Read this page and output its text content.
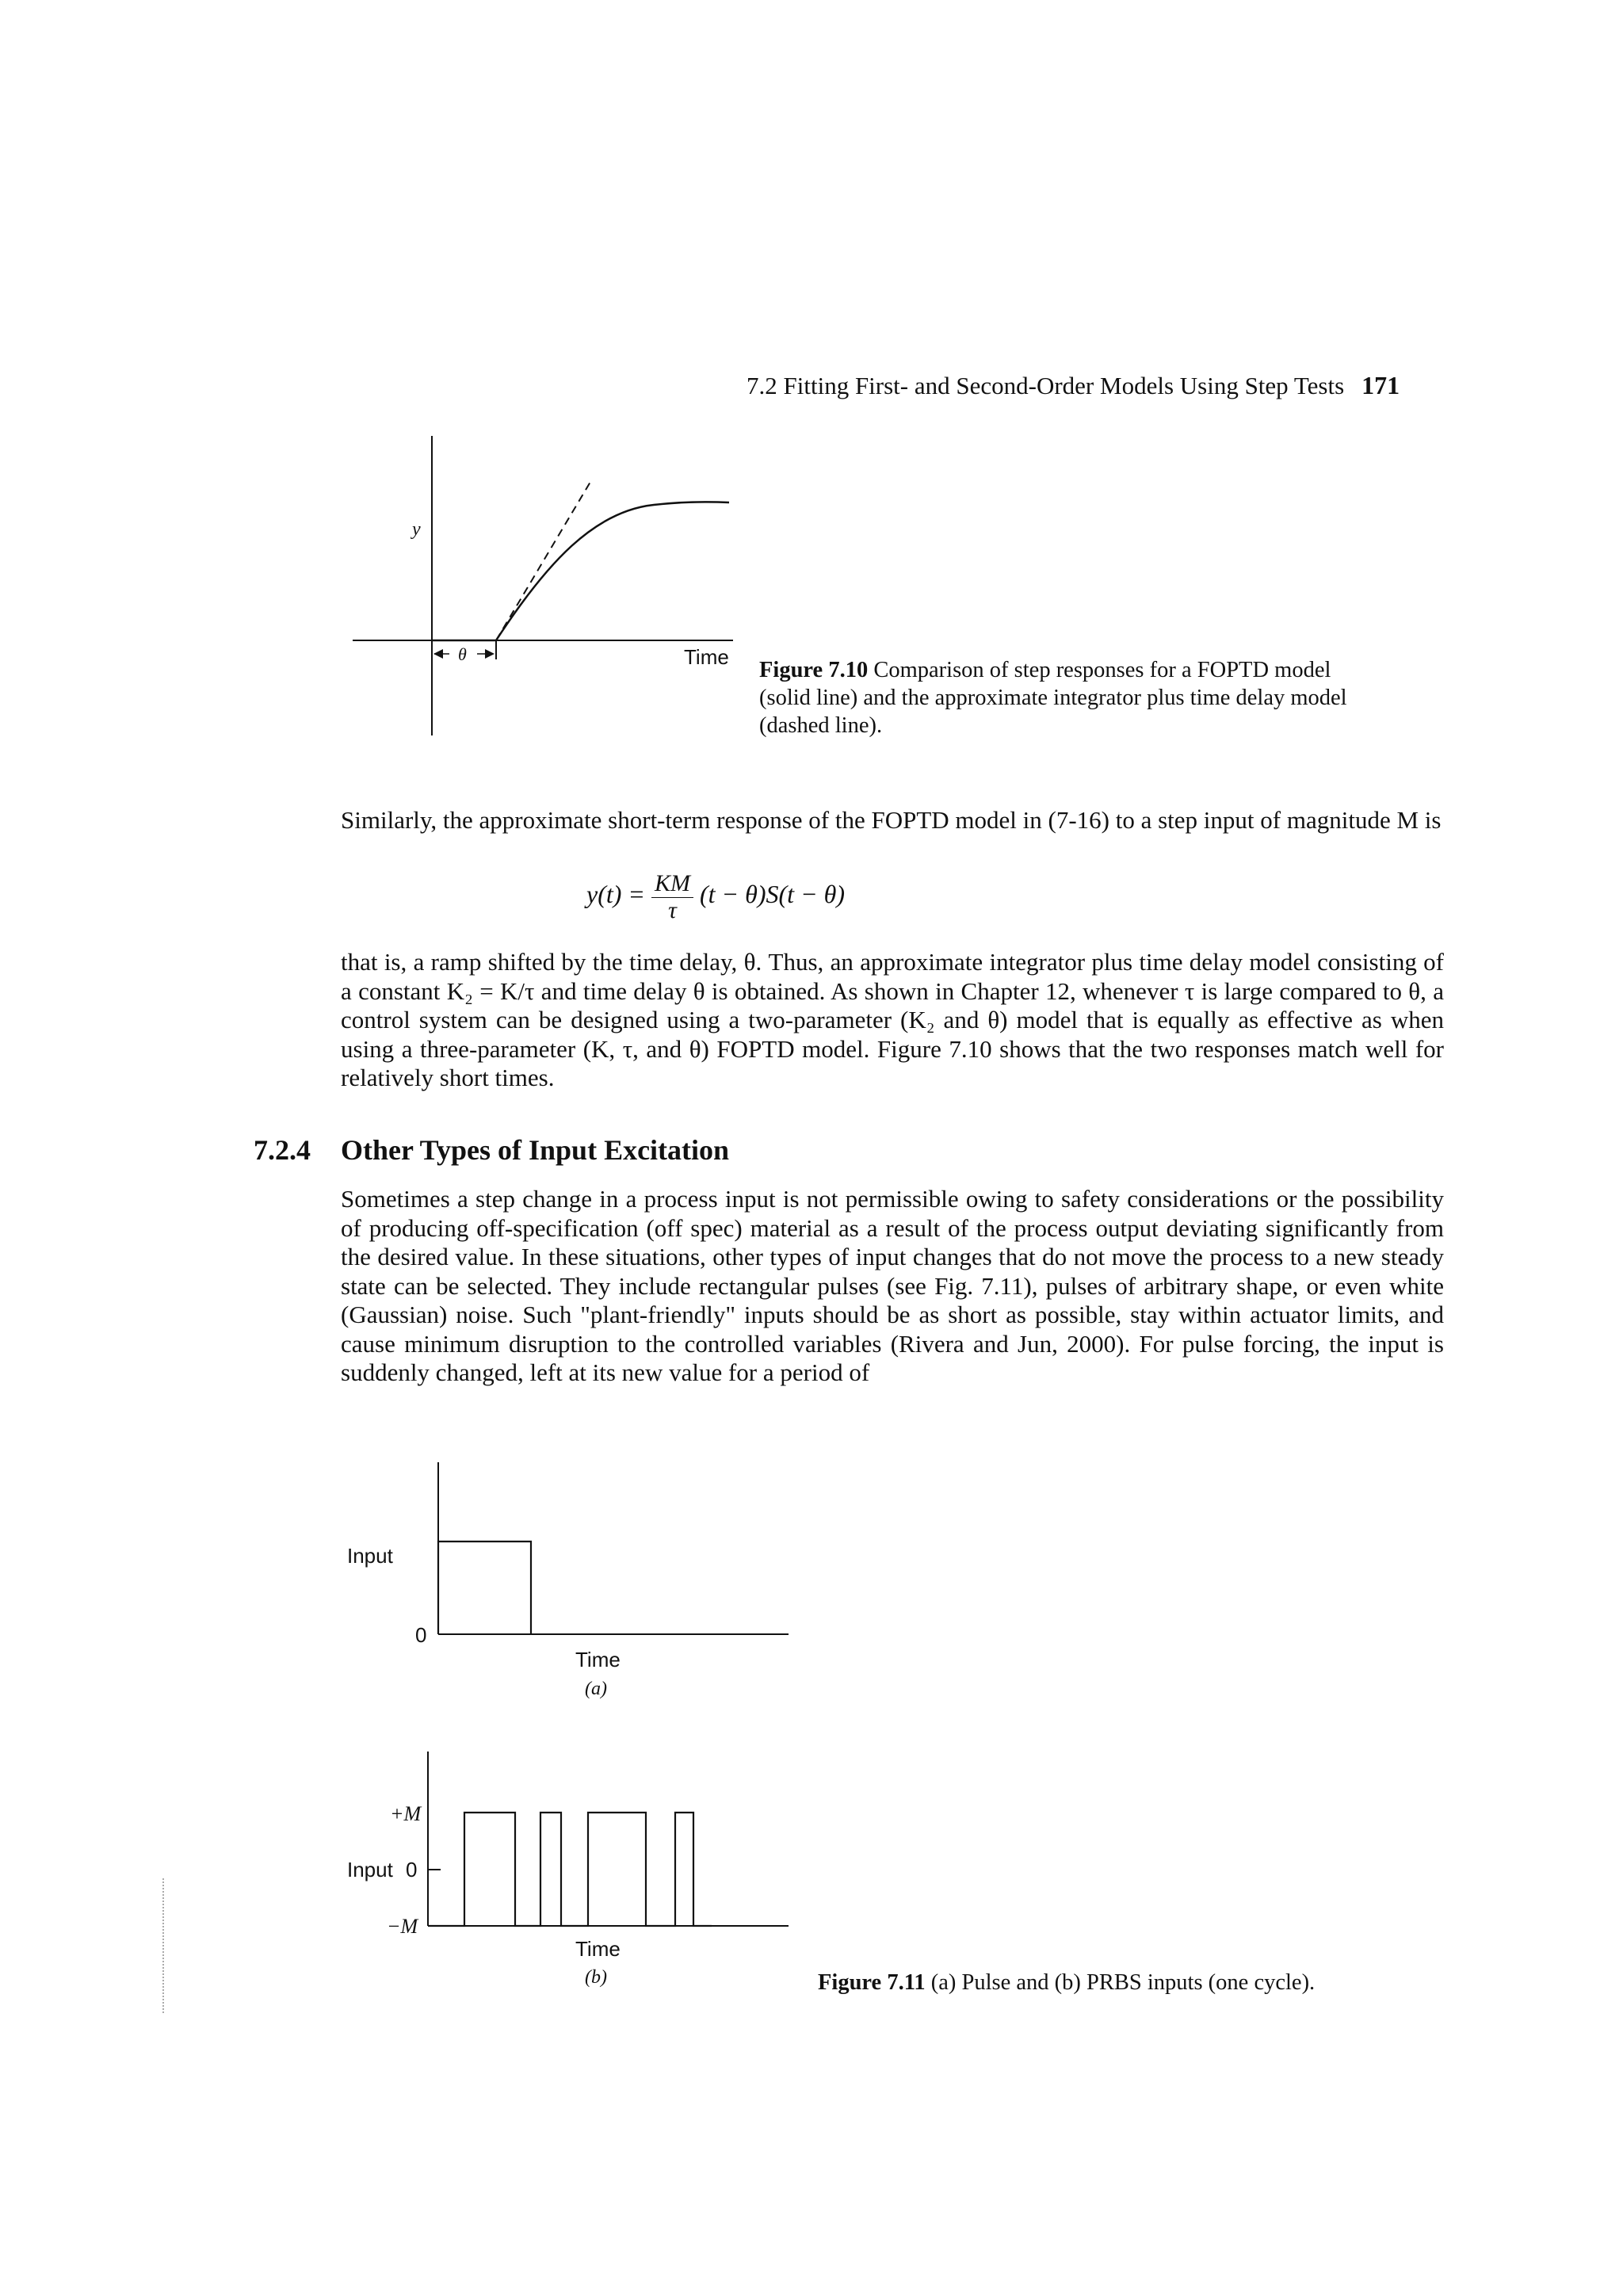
7.2 Fitting First- and Second-Order Models Using Step Tests 171
θ
y
Time
Figure 7.10 Comparison of step responses for a FOPTD model (solid line) and the approximate integrator plus time delay model (dashed line).

Similarly, the approximate short-term response of the FOPTD model in (7-16) to a step input of magnitude M is

$y(t) = \frac{KM}{\tau} (t - \theta)S(t - \theta)$

that is, a ramp shifted by the time delay, θ. Thus, an approximate integrator plus time delay model consisting of a constant K₂ = K/τ and time delay θ is obtained. As shown in Chapter 12, whenever τ is large compared to θ, a control system can be designed using a two-parameter (K₂ and θ) model that is equally as effective as when using a three-parameter (K, τ, and θ) FOPTD model. Figure 7.10 shows that the two responses match well for relatively short times.

7.2.4 Other Types of Input Excitation

Sometimes a step change in a process input is not permissible owing to safety considerations or the possibility of producing off-specification (off spec) material as a result of the process output deviating significantly from the desired value. In these situations, other types of input changes that do not move the process to a new steady state can be selected. They include rectangular pulses (see Fig. 7.11), pulses of arbitrary shape, or even white (Gaussian) noise. Such "plant-friendly" inputs should be as short as possible, stay within actuator limits, and cause minimum disruption to the controlled variables (Rivera and Jun, 2000). For pulse forcing, the input is suddenly changed, left at its new value for a period of

Input
0
Time
(a)
+M
Input 0
−M
Time
(b)	Figure 7.11 (a) Pulse and (b) PRBS inputs (one cycle).
